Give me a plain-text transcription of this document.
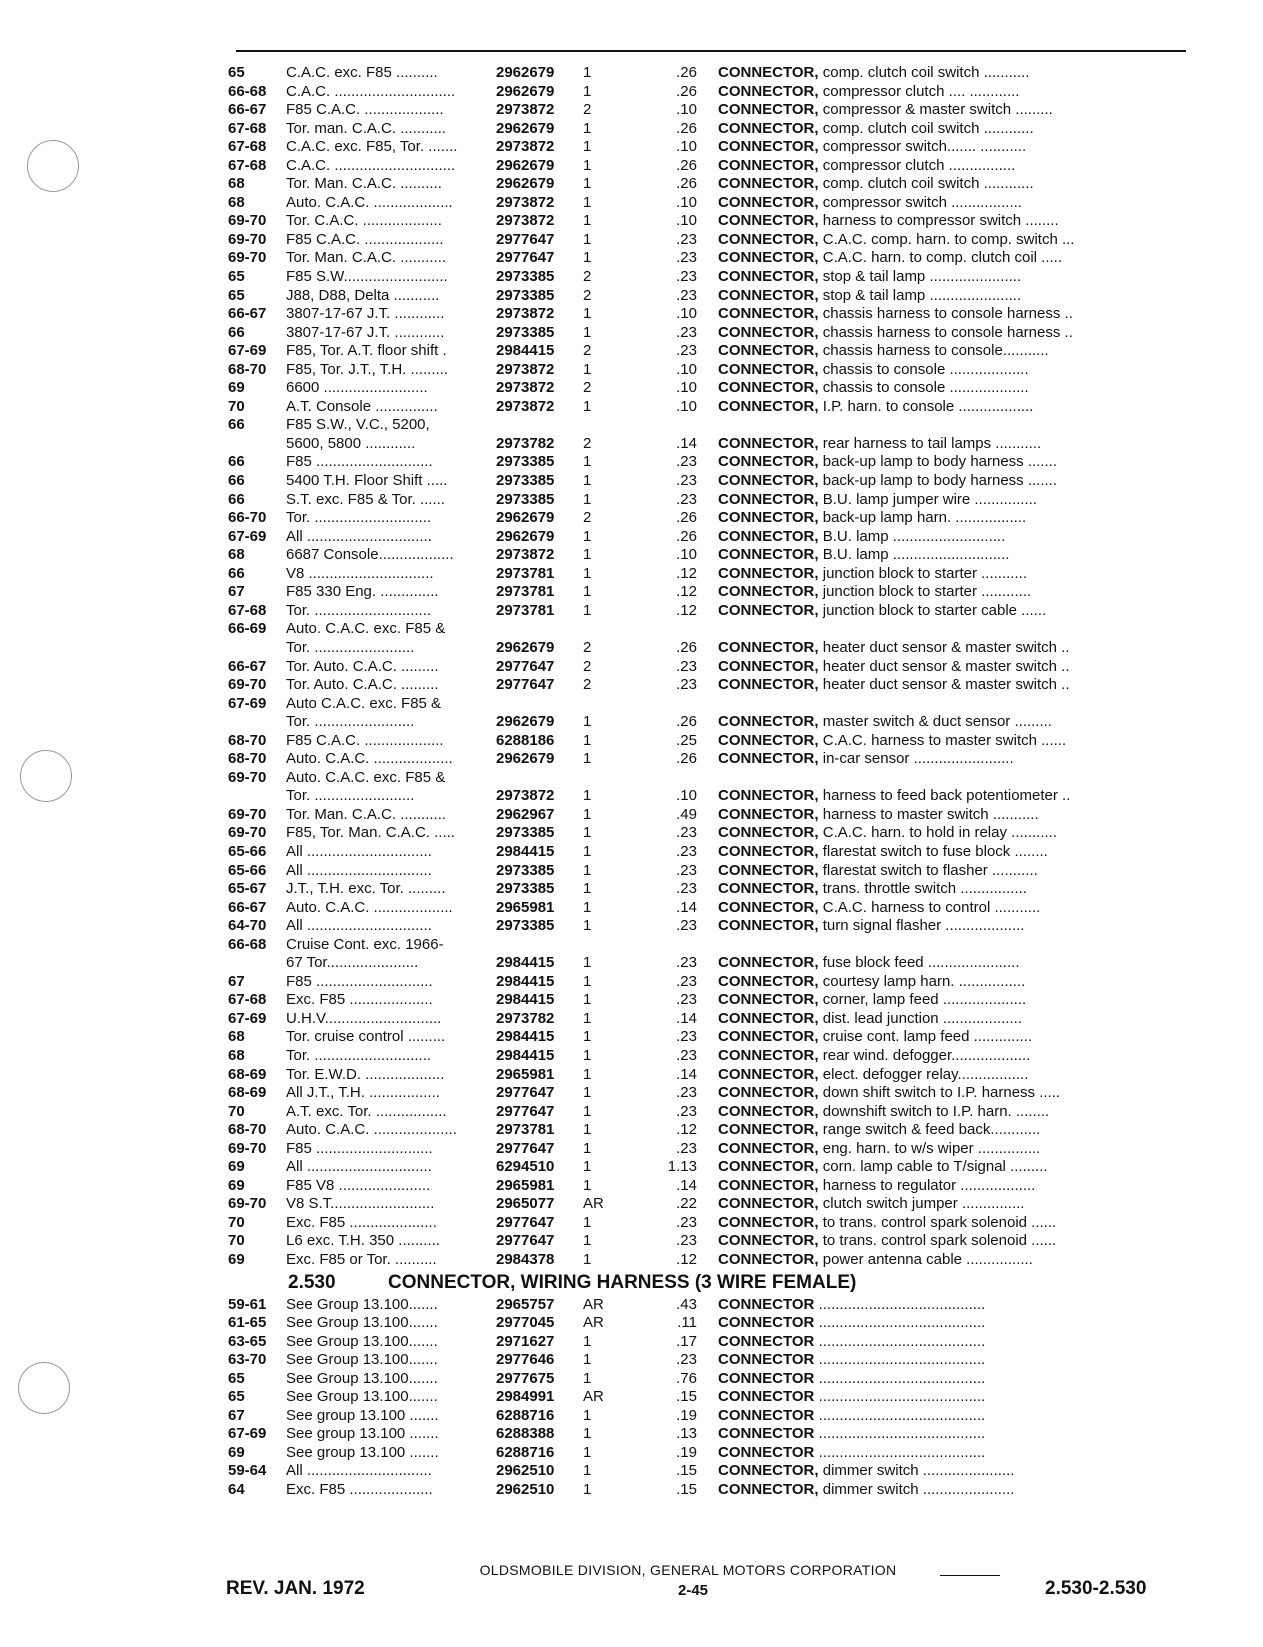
65	C.A.C. exc. F85 ..........	2962679 1	.26 CONNECTOR, comp. clutch coil switch ...........
66-68 C.A.C. .............................	2962679 1	.26 CONNECTOR, compressor clutch .... ............
66-67 F85 C.A.C. ...................	2973872 2	.10 CONNECTOR, compressor & master switch .........
67-68 Tor. man. C.A.C. ...........	2962679 1	.26 CONNECTOR, comp. clutch coil switch ............
67-68 C.A.C. exc. F85, Tor. .......	2973872 1	.10 CONNECTOR, compressor switch....... ...........
67-68 C.A.C. .............................	2962679 1	.26 CONNECTOR, compressor clutch ................
68	Tor. Man. C.A.C. ..........	2962679 1	.26 CONNECTOR, comp. clutch coil switch ............
68	Auto. C.A.C. ...................	2973872 1	.10 CONNECTOR, compressor switch .................
69-70 Tor. C.A.C. ...................	2973872 1	.10 CONNECTOR, harness to compressor switch ........
69-70 F85 C.A.C. ...................	2977647 1	.23 CONNECTOR, C.A.C. comp. harn. to comp. switch ...
69-70 Tor. Man. C.A.C. ...........	2977647 1	.23 CONNECTOR, C.A.C. harn. to comp. clutch coil .....
65	F85 S.W.........................	2973385 2	.23 CONNECTOR, stop & tail lamp ......................
65	J88, D88, Delta ...........	2973385 2	.23 CONNECTOR, stop & tail lamp ......................
66-67 3807-17-67 J.T. ............	2973872 1	.10 CONNECTOR, chassis harness to console harness ..
66	3807-17-67 J.T. ............	2973385 1	.23 CONNECTOR, chassis harness to console harness ..
67-69 F85, Tor. A.T. floor shift .	2984415 2	.23 CONNECTOR, chassis harness to console...........
68-70 F85, Tor. J.T., T.H. .........	2973872 1	.10 CONNECTOR, chassis to console ...................
69	6600 .........................	2973872 2	.10 CONNECTOR, chassis to console ...................
70	A.T. Console ...............	2973872 1	.10 CONNECTOR, I.P. harn. to console ..................
66	F85 S.W., V.C., 5200,
5600, 5800 ............	2973782 2	.14 CONNECTOR, rear harness to tail lamps ...........
66	F85 ............................	2973385 1	.23 CONNECTOR, back-up lamp to body harness .......
66	5400 T.H. Floor Shift .....	2973385 1	.23 CONNECTOR, back-up lamp to body harness .......
66	S.T. exc. F85 & Tor. ......	2973385 1	.23 CONNECTOR, B.U. lamp jumper wire ...............
66-70 Tor. ............................	2962679 2	.26 CONNECTOR, back-up lamp harn. .................
67-69 All ..............................	2962679 1	.26 CONNECTOR, B.U. lamp ...........................
68	6687 Console..................	2973872 1	.10 CONNECTOR, B.U. lamp ............................
66	V8 ..............................	2973781 1	.12 CONNECTOR, junction block to starter ...........
67	F85 330 Eng. ..............	2973781 1	.12 CONNECTOR, junction block to starter ............
67-68 Tor. ............................	2973781 1	.12 CONNECTOR, junction block to starter cable ......
66-69 Auto. C.A.C. exc. F85 &
Tor. ........................	2962679 2	.26 CONNECTOR, heater duct sensor & master switch ..
66-67 Tor. Auto. C.A.C. .........	2977647 2	.23 CONNECTOR, heater duct sensor & master switch ..
69-70 Tor. Auto. C.A.C. .........	2977647 2	.23 CONNECTOR, heater duct sensor & master switch ..
67-69 Auto C.A.C. exc. F85 &
Tor. ........................	2962679 1	.26 CONNECTOR, master switch & duct sensor .........
68-70 F85 C.A.C. ...................	6288186 1	.25 CONNECTOR, C.A.C. harness to master switch ......
68-70 Auto. C.A.C. ...................	2962679 1	.26 CONNECTOR, in-car sensor ........................
69-70 Auto. C.A.C. exc. F85 &
Tor. ........................	2973872 1	.10 CONNECTOR, harness to feed back potentiometer ..
69-70 Tor. Man. C.A.C. ...........	2962967 1	.49 CONNECTOR, harness to master switch ...........
69-70 F85, Tor. Man. C.A.C. .....	2973385 1	.23 CONNECTOR, C.A.C. harn. to hold in relay ...........
65-66 All ..............................	2984415 1	.23 CONNECTOR, flarestat switch to fuse block ........
65-66 All ..............................	2973385 1	.23 CONNECTOR, flarestat switch to flasher ...........
65-67 J.T., T.H. exc. Tor. .........	2973385 1	.23 CONNECTOR, trans. throttle switch ................
66-67 Auto. C.A.C. ...................	2965981 1	.14 CONNECTOR, C.A.C. harness to control ...........
64-70 All ..............................	2973385 1	.23 CONNECTOR, turn signal flasher ...................
66-68 Cruise Cont. exc. 1966-
67 Tor......................	2984415 1	.23 CONNECTOR, fuse block feed ......................
67	F85 ............................	2984415 1	.23 CONNECTOR, courtesy lamp harn. ................
67-68 Exc. F85 ....................	2984415 1	.23 CONNECTOR, corner, lamp feed ....................
67-69 U.H.V............................	2973782 1	.14 CONNECTOR, dist. lead junction ...................
68	Tor. cruise control .........	2984415 1	.23 CONNECTOR, cruise cont. lamp feed ..............
68	Tor. ............................	2984415 1	.23 CONNECTOR, rear wind. defogger...................
68-69 Tor. E.W.D. ...................	2965981 1	.14 CONNECTOR, elect. defogger relay.................
68-69 All J.T., T.H. .................	2977647 1	.23 CONNECTOR, down shift switch to I.P. harness .....
70	A.T. exc. Tor. .................	2977647 1	.23 CONNECTOR, downshift switch to I.P. harn. ........
68-70 Auto. C.A.C. ....................	2973781 1	.12 CONNECTOR, range switch & feed back............
69-70 F85 ............................	2977647 1	.23 CONNECTOR, eng. harn. to w/s wiper ...............
69	All ..............................	6294510 1	1.13 CONNECTOR, corn. lamp cable to T/signal .........
69	F85 V8 ......................	2965981 1	.14 CONNECTOR, harness to regulator ..................
69-70 V8 S.T.........................	2965077 AR	.22 CONNECTOR, clutch switch jumper ...............
70	Exc. F85 .....................	2977647 1	.23 CONNECTOR, to trans. control spark solenoid ......
70	L6 exc. T.H. 350 ..........	2977647 1	.23 CONNECTOR, to trans. control spark solenoid ......
69	Exc. F85 or Tor. ..........	2984378 1	.12 CONNECTOR, power antenna cable ................
2.530	CONNECTOR, WIRING HARNESS (3 WIRE FEMALE)
59-61 See Group 13.100.......	2965757 AR	.43 CONNECTOR ........................................
61-65 See Group 13.100.......	2977045 AR	.11 CONNECTOR ........................................
63-65 See Group 13.100.......	2971627 1	.17 CONNECTOR ........................................
63-70 See Group 13.100.......	2977646 1	.23 CONNECTOR ........................................
65	See Group 13.100.......	2977675 1	.76 CONNECTOR ........................................
65	See Group 13.100.......	2984991 AR	.15 CONNECTOR ........................................
67	See group 13.100 .......	6288716 1	.19 CONNECTOR ........................................
67-69 See group 13.100 .......	6288388 1	.13 CONNECTOR ........................................
69	See group 13.100 .......	6288716 1	.19 CONNECTOR ........................................
59-64 All ..............................	2962510 1	.15 CONNECTOR, dimmer switch ......................
64	Exc. F85 ....................	2962510 1	.15 CONNECTOR, dimmer switch ......................
OLDSMOBILE DIVISION, GENERAL MOTORS CORPORATION
REV. JAN. 1972	2-45	2.530-2.530
